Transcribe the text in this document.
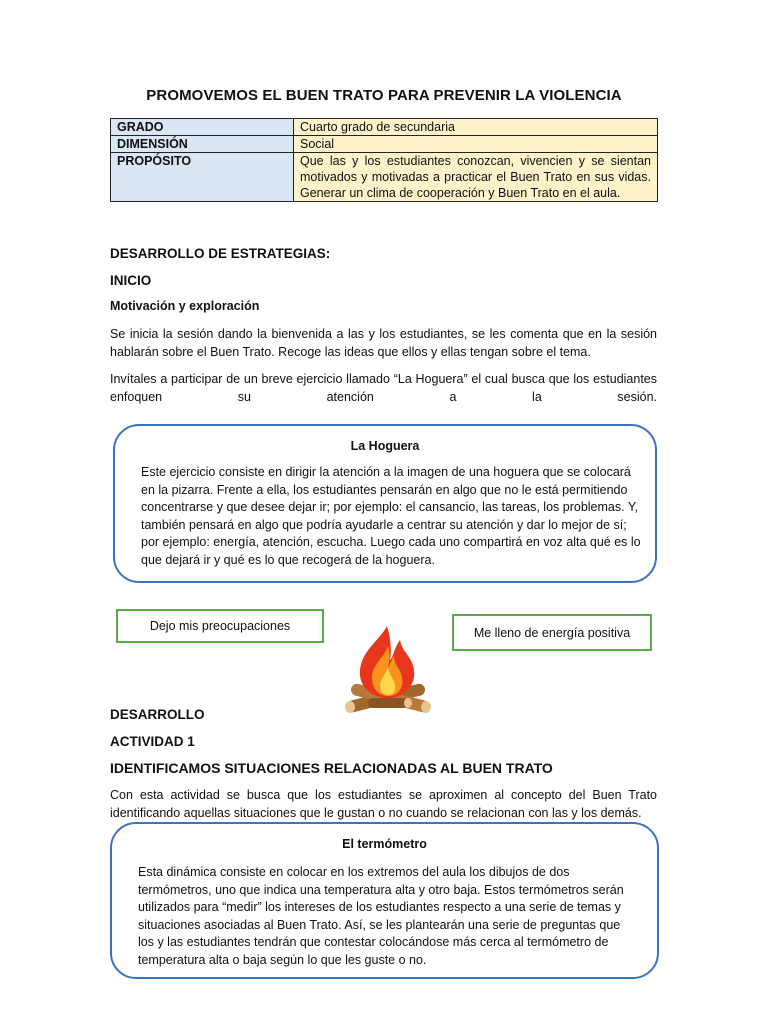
PROMOVEMOS EL BUEN TRATO PARA PREVENIR LA VIOLENCIA
GRADO	Cuarto grado de secundaria
DIMENSIÓN	Social
PROPÓSITO	Que las y los estudiantes conozcan, vivencien y se sientan motivados y motivadas a practicar el Buen Trato en sus vidas. Generar un clima de cooperación y Buen Trato en el aula.
DESARROLLO DE ESTRATEGIAS:
INICIO
Motivación y exploración
Se inicia la sesión dando la bienvenida a las y los estudiantes, se les comenta que en la sesión hablarán sobre el Buen Trato. Recoge las ideas que ellos y ellas tengan sobre el tema.
Invítales a participar de un breve ejercicio llamado “La Hoguera” el cual busca que los estudiantes enfoquen su atención a la sesión.
La Hoguera
Este ejercicio consiste en dirigir la atención a la imagen de una hoguera que se colocará en la pizarra. Frente a ella, los estudiantes pensarán en algo que no le está permitiendo concentrarse y que desee dejar ir; por ejemplo: el cansancio, las tareas, los problemas. Y, también pensará en algo que podría ayudarle a centrar su atención y dar lo mejor de sí; por ejemplo: energía, atención, escucha. Luego cada uno compartirá en voz alta qué es lo que dejará ir y qué es lo que recogerá de la hoguera.
Dejo mis preocupaciones	Me lleno de energía positiva
DESARROLLO
ACTIVIDAD 1
IDENTIFICAMOS SITUACIONES RELACIONADAS AL BUEN TRATO
Con esta actividad se busca que los estudiantes se aproximen al concepto del Buen Trato identificando aquellas situaciones que le gustan o no cuando se relacionan con las y los demás.
El termómetro
Esta dinámica consiste en colocar en los extremos del aula los dibujos de dos termómetros, uno que indica una temperatura alta y otro baja. Estos termómetros serán utilizados para “medir” los intereses de los estudiantes respecto a una serie de temas y situaciones asociadas al Buen Trato. Así, se les plantearán una serie de preguntas que los y las estudiantes tendrán que contestar colocándose más cerca al termómetro de temperatura alta o baja según lo que les guste o no.
